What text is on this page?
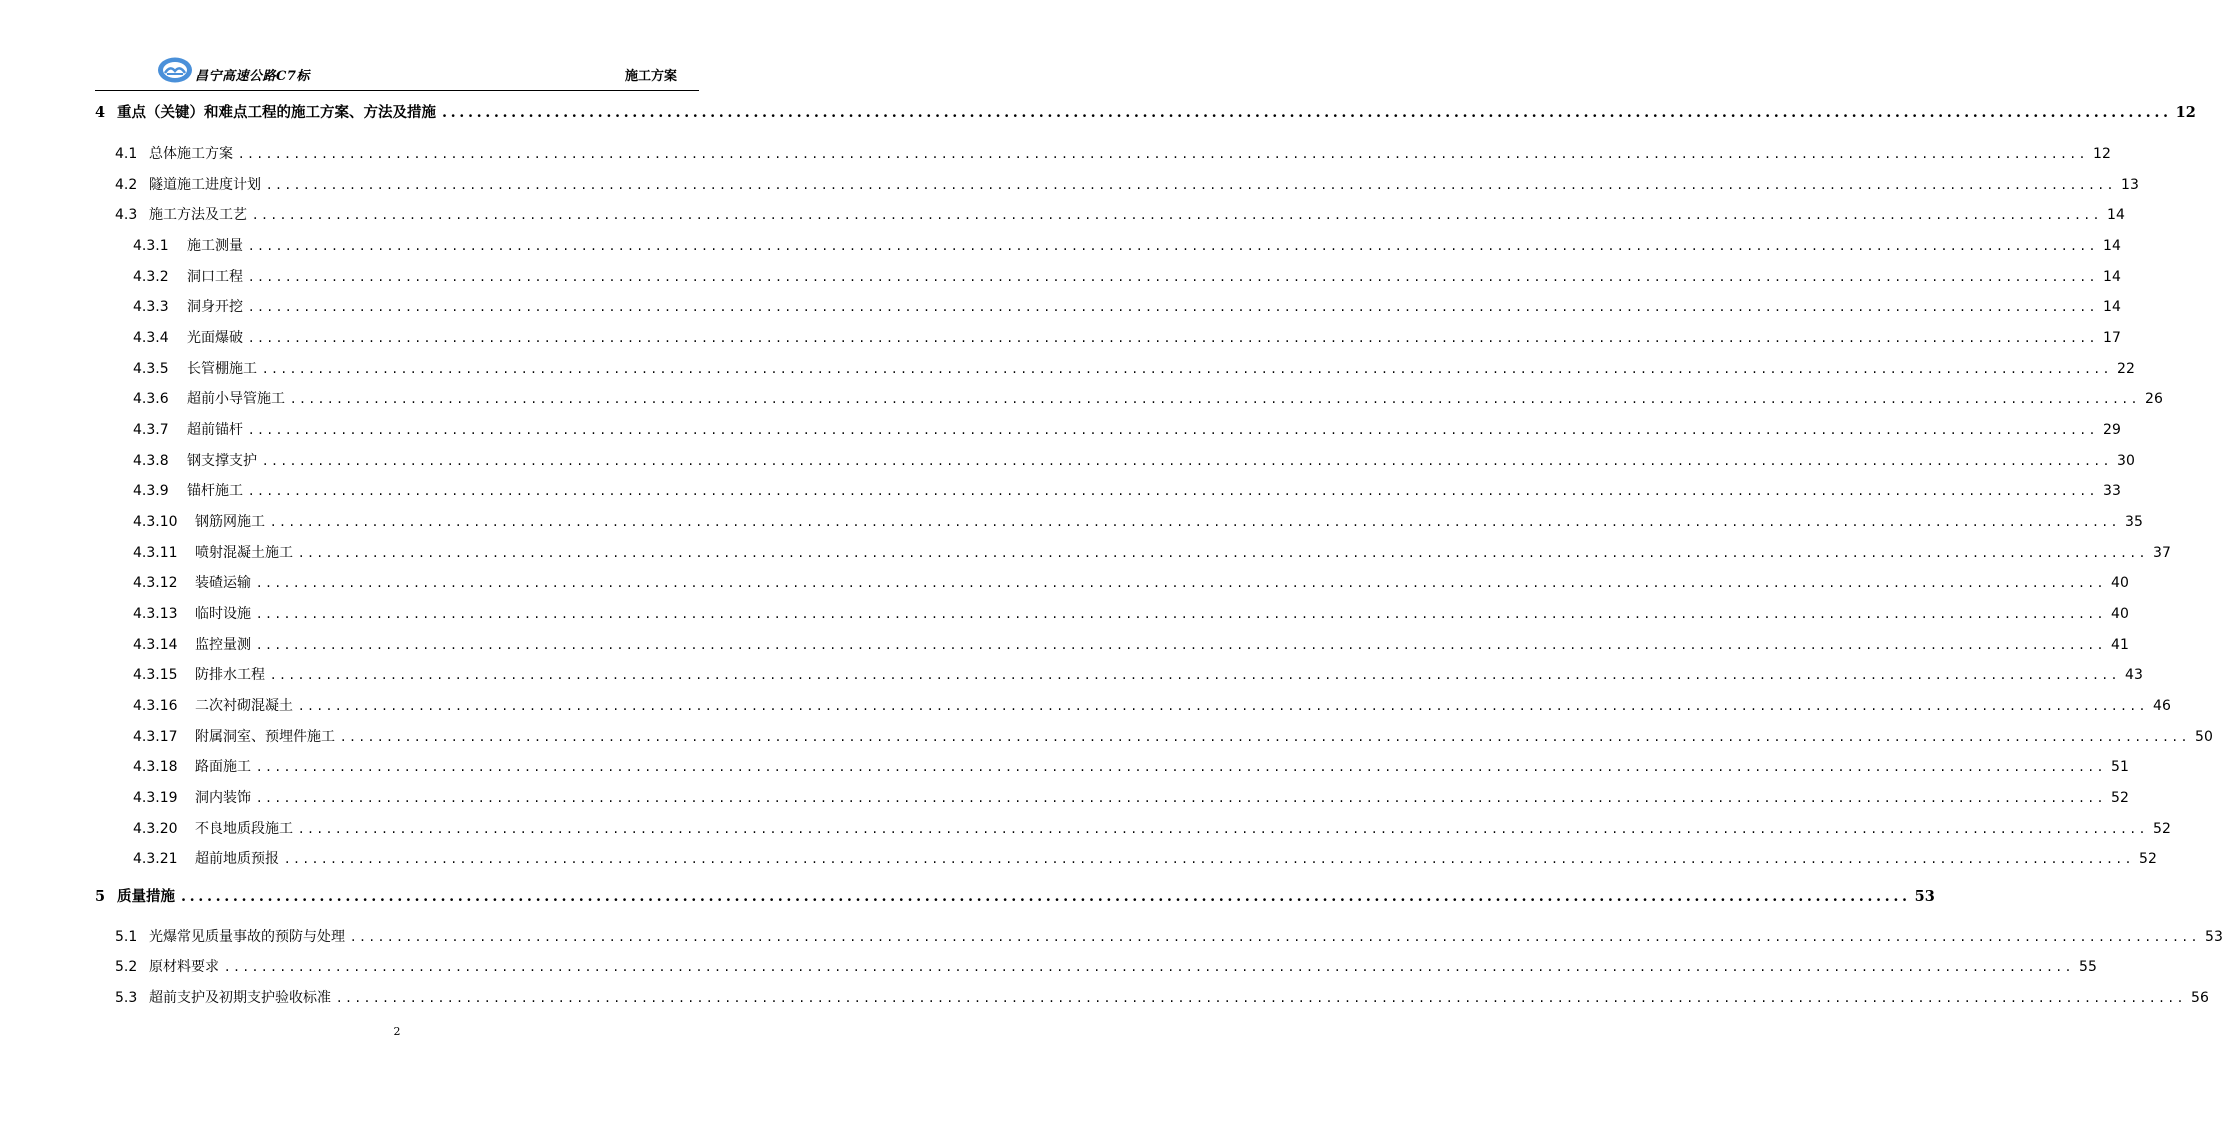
昌宁高速公路C7标	施工方案
4 重点（关键）和难点工程的施工方案、方法及措施 ........................................................................................................................................................................................................ 12
4.1 总体施工方案 ........................................................................................................................................................................................................ 12
4.2 隧道施工进度计划 ........................................................................................................................................................................................................ 13
4.3 施工方法及工艺 ........................................................................................................................................................................................................ 14
4.3.1	施工测量 ........................................................................................................................................................................................................ 14
4.3.2	洞口工程 ........................................................................................................................................................................................................ 14
4.3.3	洞身开挖 ........................................................................................................................................................................................................ 14
4.3.4	光面爆破 ........................................................................................................................................................................................................ 17
4.3.5	长管棚施工 ........................................................................................................................................................................................................ 22
4.3.6	超前小导管施工 ........................................................................................................................................................................................................ 26
4.3.7	超前锚杆 ........................................................................................................................................................................................................ 29
4.3.8	钢支撑支护 ........................................................................................................................................................................................................ 30
4.3.9	锚杆施工 ........................................................................................................................................................................................................ 33
4.3.10	钢筋网施工 ........................................................................................................................................................................................................ 35
4.3.11	喷射混凝土施工 ........................................................................................................................................................................................................ 37
4.3.12	装碴运输 ........................................................................................................................................................................................................ 40
4.3.13	临时设施 ........................................................................................................................................................................................................ 40
4.3.14	监控量测 ........................................................................................................................................................................................................ 41
4.3.15	防排水工程 ........................................................................................................................................................................................................ 43
4.3.16	二次衬砌混凝土 ........................................................................................................................................................................................................ 46
4.3.17	附属洞室、预埋件施工 ........................................................................................................................................................................................................ 50
4.3.18	路面施工 ........................................................................................................................................................................................................ 51
4.3.19	洞内装饰 ........................................................................................................................................................................................................ 52
4.3.20	不良地质段施工 ........................................................................................................................................................................................................ 52
4.3.21	超前地质预报 ........................................................................................................................................................................................................ 52
5 质量措施 ........................................................................................................................................................................................................ 53
5.1 光爆常见质量事故的预防与处理 ........................................................................................................................................................................................................ 53
5.2 原材料要求 ........................................................................................................................................................................................................ 55
5.3 超前支护及初期支护验收标准 ........................................................................................................................................................................................................ 56
2
